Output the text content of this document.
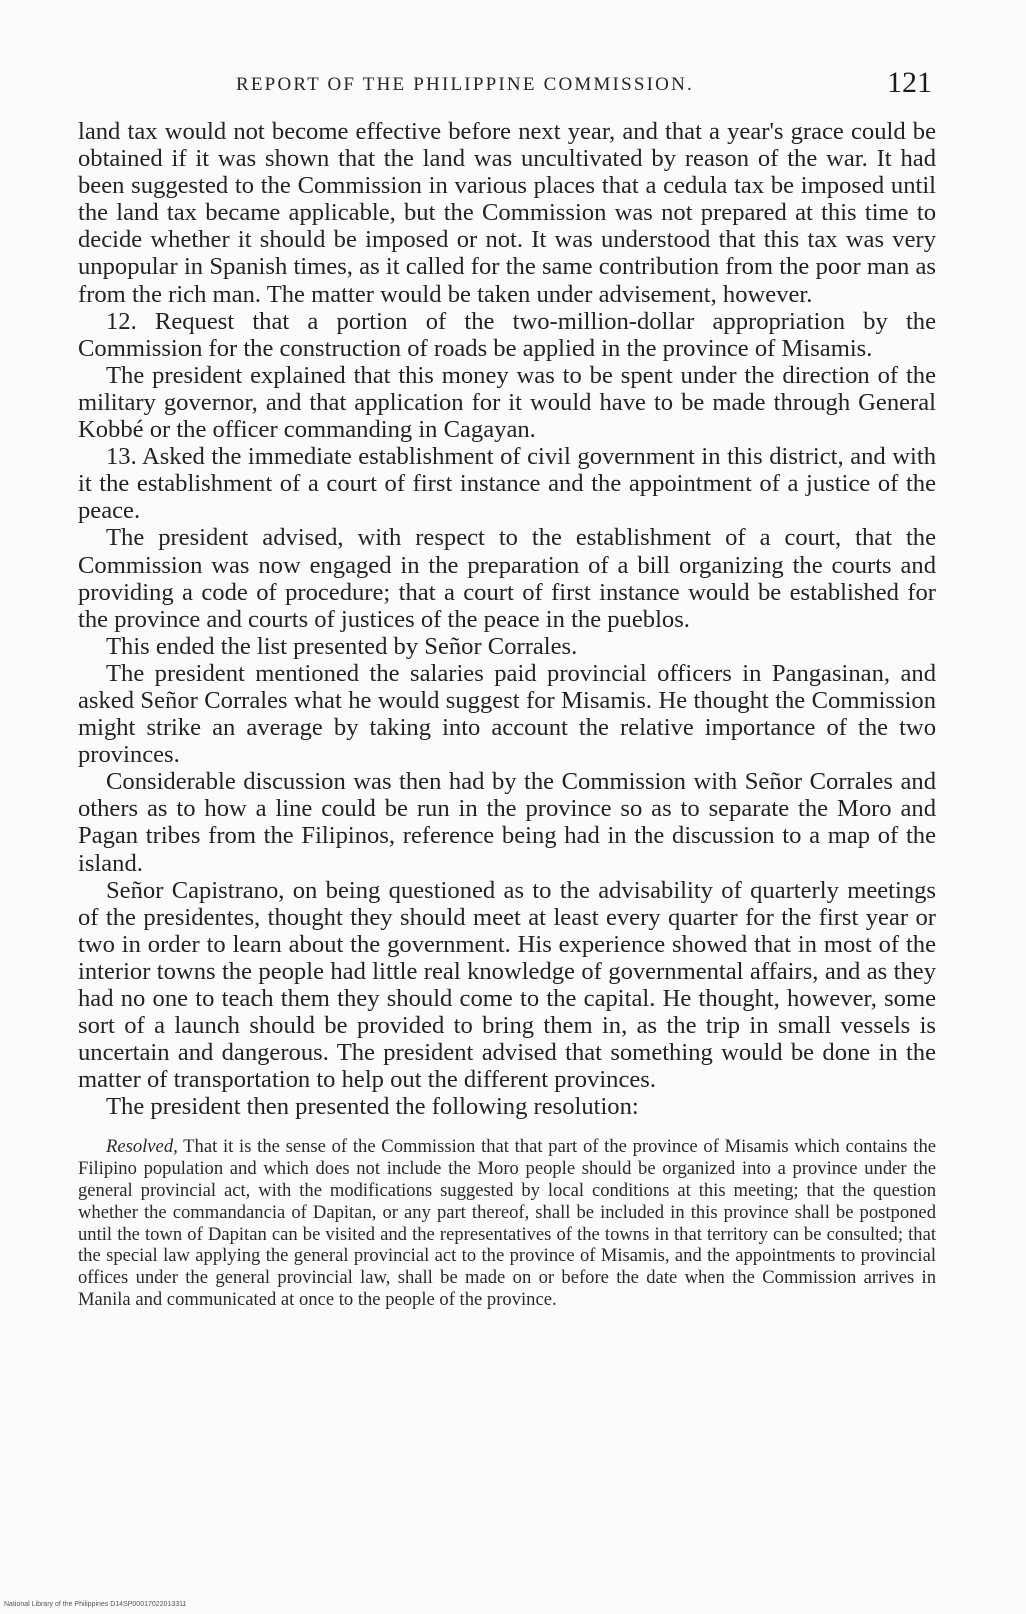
REPORT OF THE PHILIPPINE COMMISSION.	121

land tax would not become effective before next year, and that a year's grace could be obtained if it was shown that the land was uncultivated by reason of the war. It had been suggested to the Commission in various places that a cedula tax be imposed until the land tax became applicable, but the Commission was not prepared at this time to decide whether it should be imposed or not. It was understood that this tax was very unpopular in Spanish times, as it called for the same contribution from the poor man as from the rich man. The matter would be taken under advisement, however.

12. Request that a portion of the two-million-dollar appropriation by the Commission for the construction of roads be applied in the province of Misamis.

The president explained that this money was to be spent under the direction of the military governor, and that application for it would have to be made through General Kobbé or the officer commanding in Cagayan.

13. Asked the immediate establishment of civil government in this district, and with it the establishment of a court of first instance and the appointment of a justice of the peace.

The president advised, with respect to the establishment of a court, that the Commission was now engaged in the preparation of a bill organizing the courts and providing a code of procedure; that a court of first instance would be established for the province and courts of justices of the peace in the pueblos.

This ended the list presented by Señor Corrales.

The president mentioned the salaries paid provincial officers in Pangasinan, and asked Señor Corrales what he would suggest for Misamis. He thought the Commission might strike an average by taking into account the relative importance of the two provinces.

Considerable discussion was then had by the Commission with Señor Corrales and others as to how a line could be run in the province so as to separate the Moro and Pagan tribes from the Filipinos, reference being had in the discussion to a map of the island.

Señor Capistrano, on being questioned as to the advisability of quarterly meetings of the presidentes, thought they should meet at least every quarter for the first year or two in order to learn about the government. His experience showed that in most of the interior towns the people had little real knowledge of governmental affairs, and as they had no one to teach them they should come to the capital. He thought, however, some sort of a launch should be provided to bring them in, as the trip in small vessels is uncertain and dangerous. The president advised that something would be done in the matter of transportation to help out the different provinces.

The president then presented the following resolution:

Resolved, That it is the sense of the Commission that that part of the province of Misamis which contains the Filipino population and which does not include the Moro people should be organized into a province under the general provincial act, with the modifications suggested by local conditions at this meeting; that the question whether the commandancia of Dapitan, or any part thereof, shall be included in this province shall be postponed until the town of Dapitan can be visited and the representatives of the towns in that territory can be consulted; that the special law applying the general provincial act to the province of Misamis, and the appointments to provincial offices under the general provincial law, shall be made on or before the date when the Commission arrives in Manila and communicated at once to the people of the province.
National Library of the Philippines D14SP00017022013311
